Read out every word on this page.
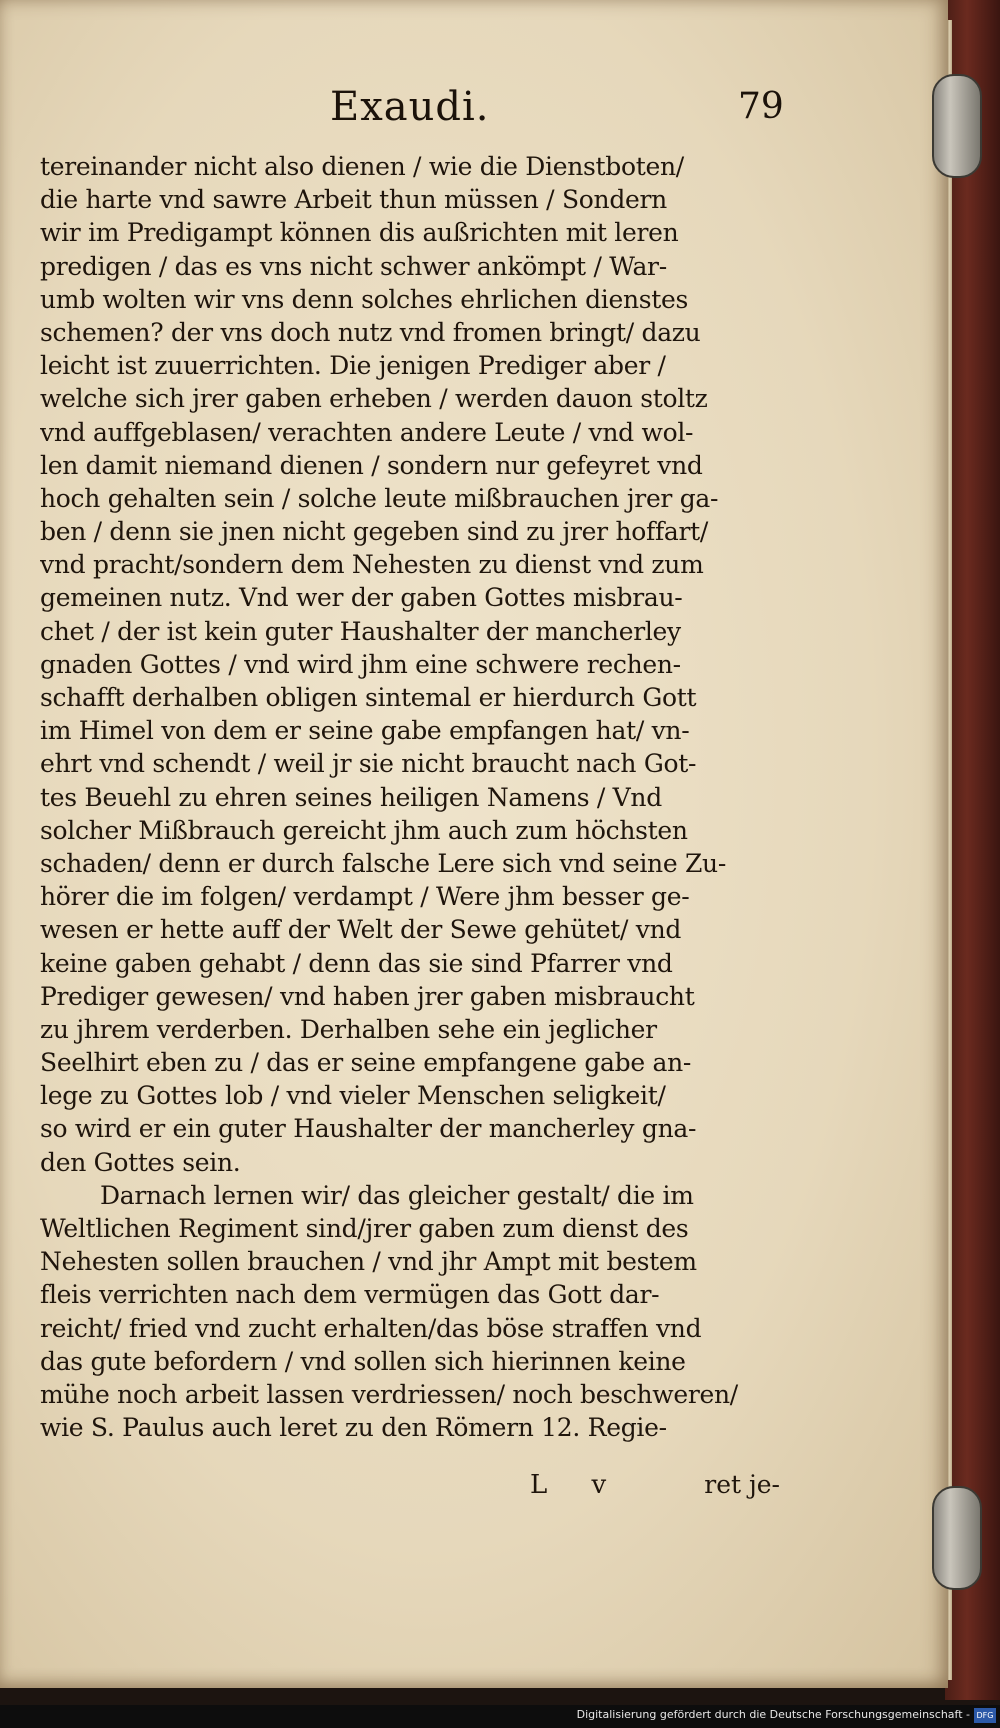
Exaudi.	79
tereinander nicht also dienen / wie die Dienstboten/
die harte vnd sawre Arbeit thun müssen / Sondern
wir im Predigampt können dis außrichten mit leren
predigen / das es vns nicht schwer ankömpt / War-
umb wolten wir vns denn solches ehrlichen dienstes
schemen? der vns doch nutz vnd fromen bringt/ dazu
leicht ist zuuerrichten. Die jenigen Prediger aber /
welche sich jrer gaben erheben / werden dauon stoltz
vnd auffgeblasen/ verachten andere Leute / vnd wol-
len damit niemand dienen / sondern nur gefeyret vnd
hoch gehalten sein / solche leute mißbrauchen jrer ga-
ben / denn sie jnen nicht gegeben sind zu jrer hoffart/
vnd pracht/sondern dem Nehesten zu dienst vnd zum
gemeinen nutz. Vnd wer der gaben Gottes misbrau-
chet / der ist kein guter Haushalter der mancherley
gnaden Gottes / vnd wird jhm eine schwere rechen-
schafft derhalben obligen sintemal er hierdurch Gott
im Himel von dem er seine gabe empfangen hat/ vn-
ehrt vnd schendt / weil jr sie nicht braucht nach Got-
tes Beuehl zu ehren seines heiligen Namens / Vnd
solcher Mißbrauch gereicht jhm auch zum höchsten
schaden/ denn er durch falsche Lere sich vnd seine Zu-
hörer die im folgen/ verdampt / Were jhm besser ge-
wesen er hette auff der Welt der Sewe gehütet/ vnd
keine gaben gehabt / denn das sie sind Pfarrer vnd
Prediger gewesen/ vnd haben jrer gaben misbraucht
zu jhrem verderben. Derhalben sehe ein jeglicher
Seelhirt eben zu / das er seine empfangene gabe an-
lege zu Gottes lob / vnd vieler Menschen seligkeit/
so wird er ein guter Haushalter der mancherley gna-
den Gottes sein.
Darnach lernen wir/ das gleicher gestalt/ die im
Weltlichen Regiment sind/jrer gaben zum dienst des
Nehesten sollen brauchen / vnd jhr Ampt mit bestem
fleis verrichten nach dem vermügen das Gott dar-
reicht/ fried vnd zucht erhalten/das böse straffen vnd
das gute befordern / vnd sollen sich hierinnen keine
mühe noch arbeit lassen verdriessen/ noch beschweren/
wie S. Paulus auch leret zu den Römern 12. Regie-
L v	ret je-
Digitalisierung gefördert durch die Deutsche Forschungsgemeinschaft - DFG
